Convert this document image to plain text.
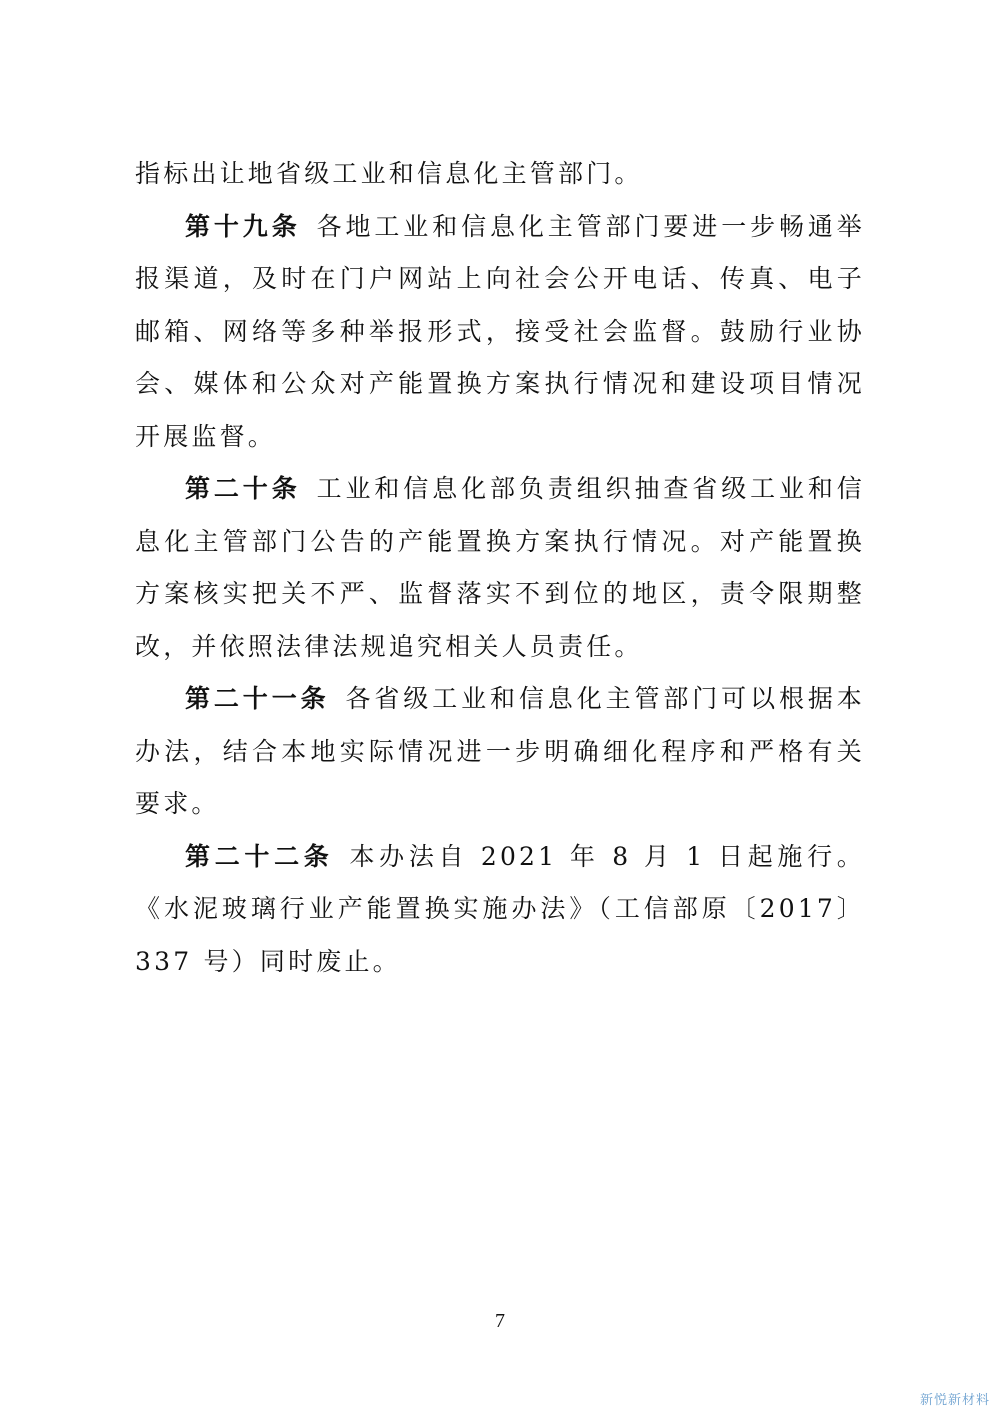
指标出让地省级工业和信息化主管部门。

第十九条 各地工业和信息化主管部门要进一步畅通举报渠道，及时在门户网站上向社会公开电话、传真、电子邮箱、网络等多种举报形式，接受社会监督。鼓励行业协会、媒体和公众对产能置换方案执行情况和建设项目情况开展监督。

第二十条 工业和信息化部负责组织抽查省级工业和信息化主管部门公告的产能置换方案执行情况。对产能置换方案核实把关不严、监督落实不到位的地区，责令限期整改，并依照法律法规追究相关人员责任。

第二十一条 各省级工业和信息化主管部门可以根据本办法，结合本地实际情况进一步明确细化程序和严格有关要求。

第二十二条 本办法自 2021 年 8 月 1 日起施行。《水泥玻璃行业产能置换实施办法》（工信部原〔2017〕337 号）同时废止。

7
新悦新材料
